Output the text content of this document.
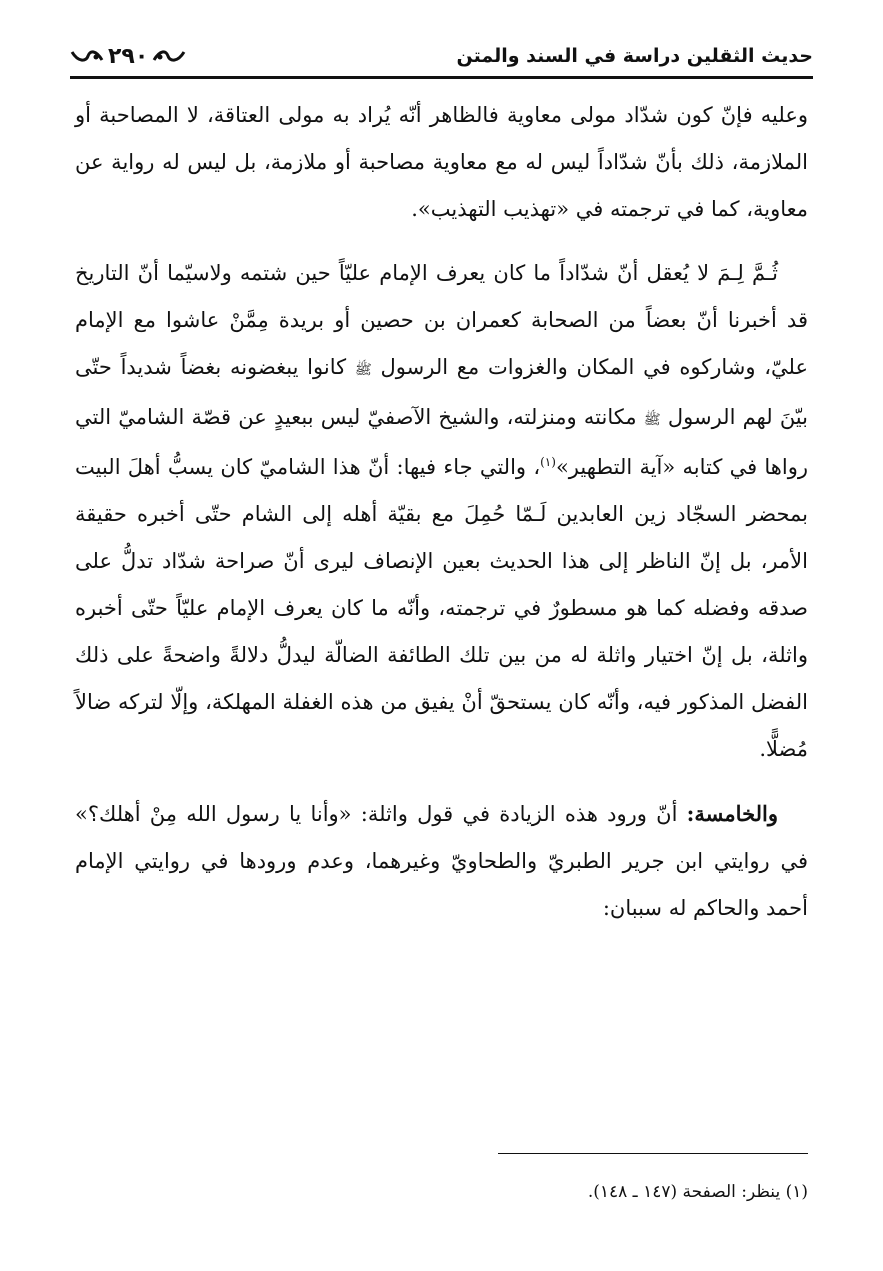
حديث الثقلين دراسة في السند والمتن
٢٩٠

وعليه فإنّ كون شدّاد مولى معاوية فالظاهر أنّه يُراد به مولى العتاقة، لا المصاحبة أو الملازمة، ذلك بأنّ شدّاداً ليس له مع معاوية مصاحبة أو ملازمة، بل ليس له رواية عن معاوية، كما في ترجمته في «تهذيب التهذيب».

ثُـمَّ لِـمَ لا يُعقل أنّ شدّاداً ما كان يعرف الإمام عليّاً حين شتمه ولاسيّما أنّ التاريخ قد أخبرنا أنّ بعضاً من الصحابة كعمران بن حصين أو بريدة مِمَّنْ عاشوا مع الإمام عليّ، وشاركوه في المكان والغزوات مع الرسول ﷺ كانوا يبغضونه بغضاً شديداً حتّى بيّنَ لهم الرسول ﷺ مكانته ومنزلته، والشيخ الآصفيّ ليس ببعيدٍ عن قصّة الشاميّ التي رواها في كتابه «آية التطهير»$^{(١)}$، والتي جاء فيها: أنّ هذا الشاميّ كان يسبُّ أهلَ البيت بمحضر السجّاد زين العابدين لَـمّا حُمِلَ مع بقيّة أهله إلى الشام حتّى أخبره حقيقة الأمر، بل إنّ الناظر إلى هذا الحديث بعين الإنصاف ليرى أنّ صراحة شدّاد تدلُّ على صدقه وفضله كما هو مسطورٌ في ترجمته، وأنّه ما كان يعرف الإمام عليّاً حتّى أخبره واثلة، بل إنّ اختيار واثلة له من بين تلك الطائفة الضالّة ليدلُّ دلالةً واضحةً على ذلك الفضل المذكور فيه، وأنّه كان يستحقّ أنْ يفيق من هذه الغفلة المهلكة، وإلّا لتركه ضالاً مُضلًّا.

والخامسة: أنّ ورود هذه الزيادة في قول واثلة: «وأنا يا رسول الله مِنْ أهلك؟» في روايتي ابن جرير الطبريّ والطحاويّ وغيرهما، وعدم ورودها في روايتي الإمام أحمد والحاكم له سببان:

(١) ينظر: الصفحة (١٤٧ ـ ١٤٨).
